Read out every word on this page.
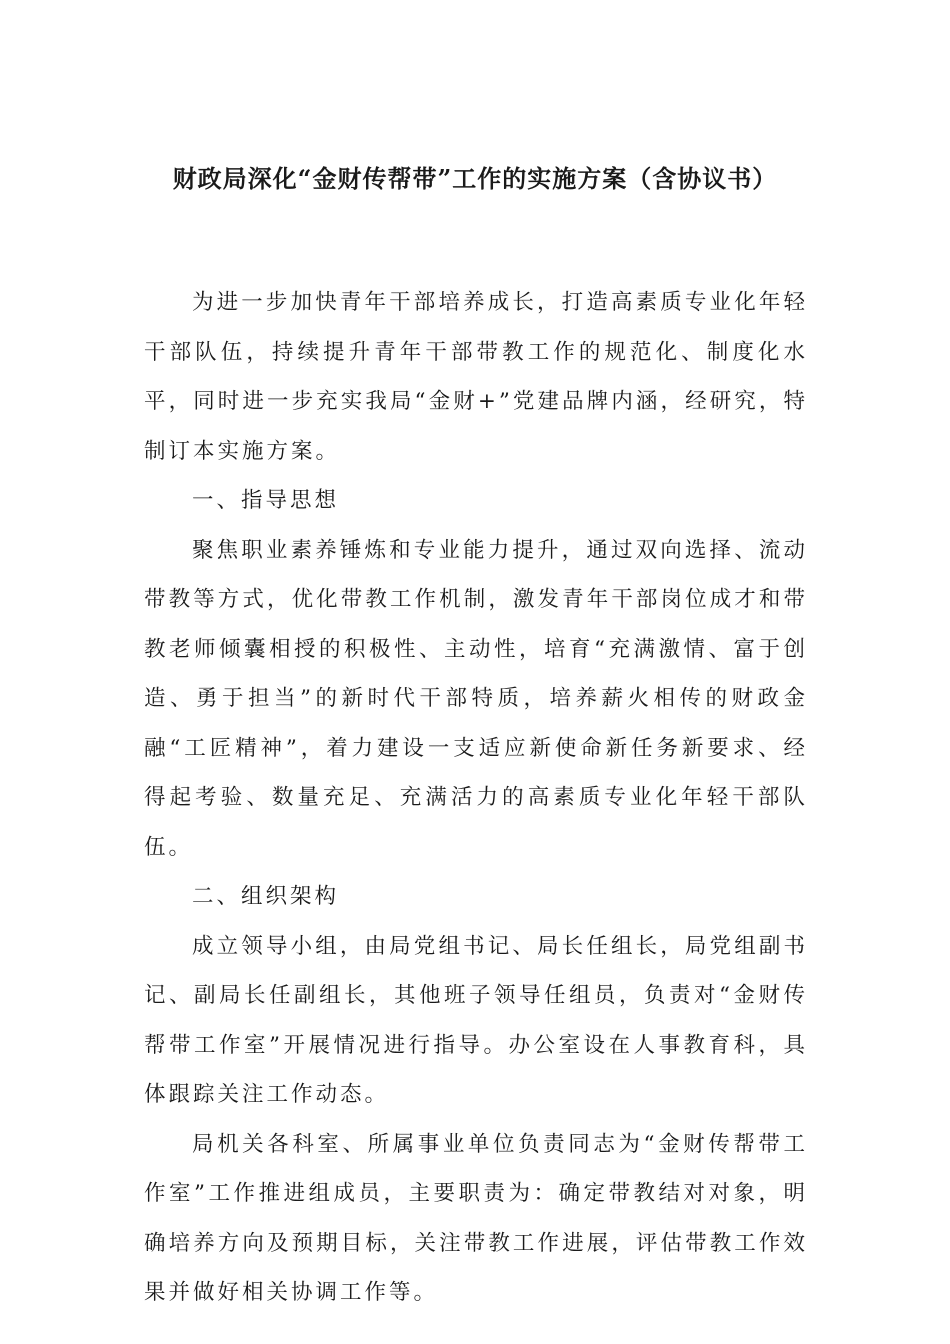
财政局深化“金财传帮带”工作的实施方案（含协议书）

为进一步加快青年干部培养成长，打造高素质专业化年轻干部队伍，持续提升青年干部带教工作的规范化、制度化水平，同时进一步充实我局“金财+”党建品牌内涵，经研究，特制订本实施方案。

一、指导思想

聚焦职业素养锤炼和专业能力提升，通过双向选择、流动带教等方式，优化带教工作机制，激发青年干部岗位成才和带教老师倾囊相授的积极性、主动性，培育“充满激情、富于创造、勇于担当”的新时代干部特质，培养薪火相传的财政金融“工匠精神”，着力建设一支适应新使命新任务新要求、经得起考验、数量充足、充满活力的高素质专业化年轻干部队伍。

二、组织架构

成立领导小组，由局党组书记、局长任组长，局党组副书记、副局长任副组长，其他班子领导任组员，负责对“金财传帮带工作室”开展情况进行指导。办公室设在人事教育科，具体跟踪关注工作动态。

局机关各科室、所属事业单位负责同志为“金财传帮带工作室”工作推进组成员，主要职责为：确定带教结对对象，明确培养方向及预期目标，关注带教工作进展，评估带教工作效果并做好相关协调工作等。
